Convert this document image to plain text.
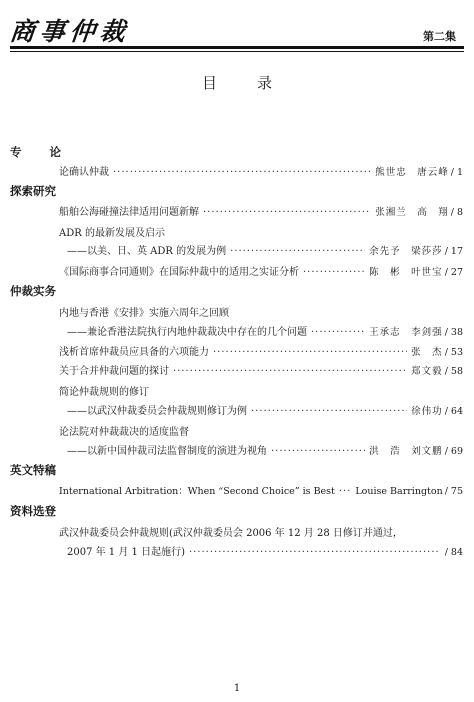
商事仲裁	第二集
目录
专论
论确认仲裁 ·····	熊世忠　唐云峰 / 1
探索研究
船舶公海碰撞法律适用问题新解 ·····	张湘兰　高　翔 / 8
ADR 的最新发展及启示
——以美、日、英 ADR 的发展为例 ·····	余先予　梁莎莎 / 17
《国际商事合同通则》在国际仲裁中的适用之实证分析 ·····	陈　彬　叶世宝 / 27
仲裁实务
内地与香港《安排》实施六周年之回顾
——兼论香港法院执行内地仲裁裁决中存在的几个问题 ·····	王承志　李剑强 / 38
浅析首席仲裁员应具备的六项能力 ·····	张　杰 / 53
关于合并仲裁问题的探讨 ·····	郑文毅 / 58
简论仲裁规则的修订
——以武汉仲裁委员会仲裁规则修订为例 ·····	徐伟功 / 64
论法院对仲裁裁决的适度监督
——以新中国仲裁司法监督制度的演进为视角 ·····	洪　浩　刘文鹏 / 69
英文特稿
International Arbitration：When “Second Choice” is Best ····· Louise Barrington / 75
资料选登
武汉仲裁委员会仲裁规则(武汉仲裁委员会 2006 年 12 月 28 日修订并通过，
2007 年 1 月 1 日起施行) ·····	/ 84
1
